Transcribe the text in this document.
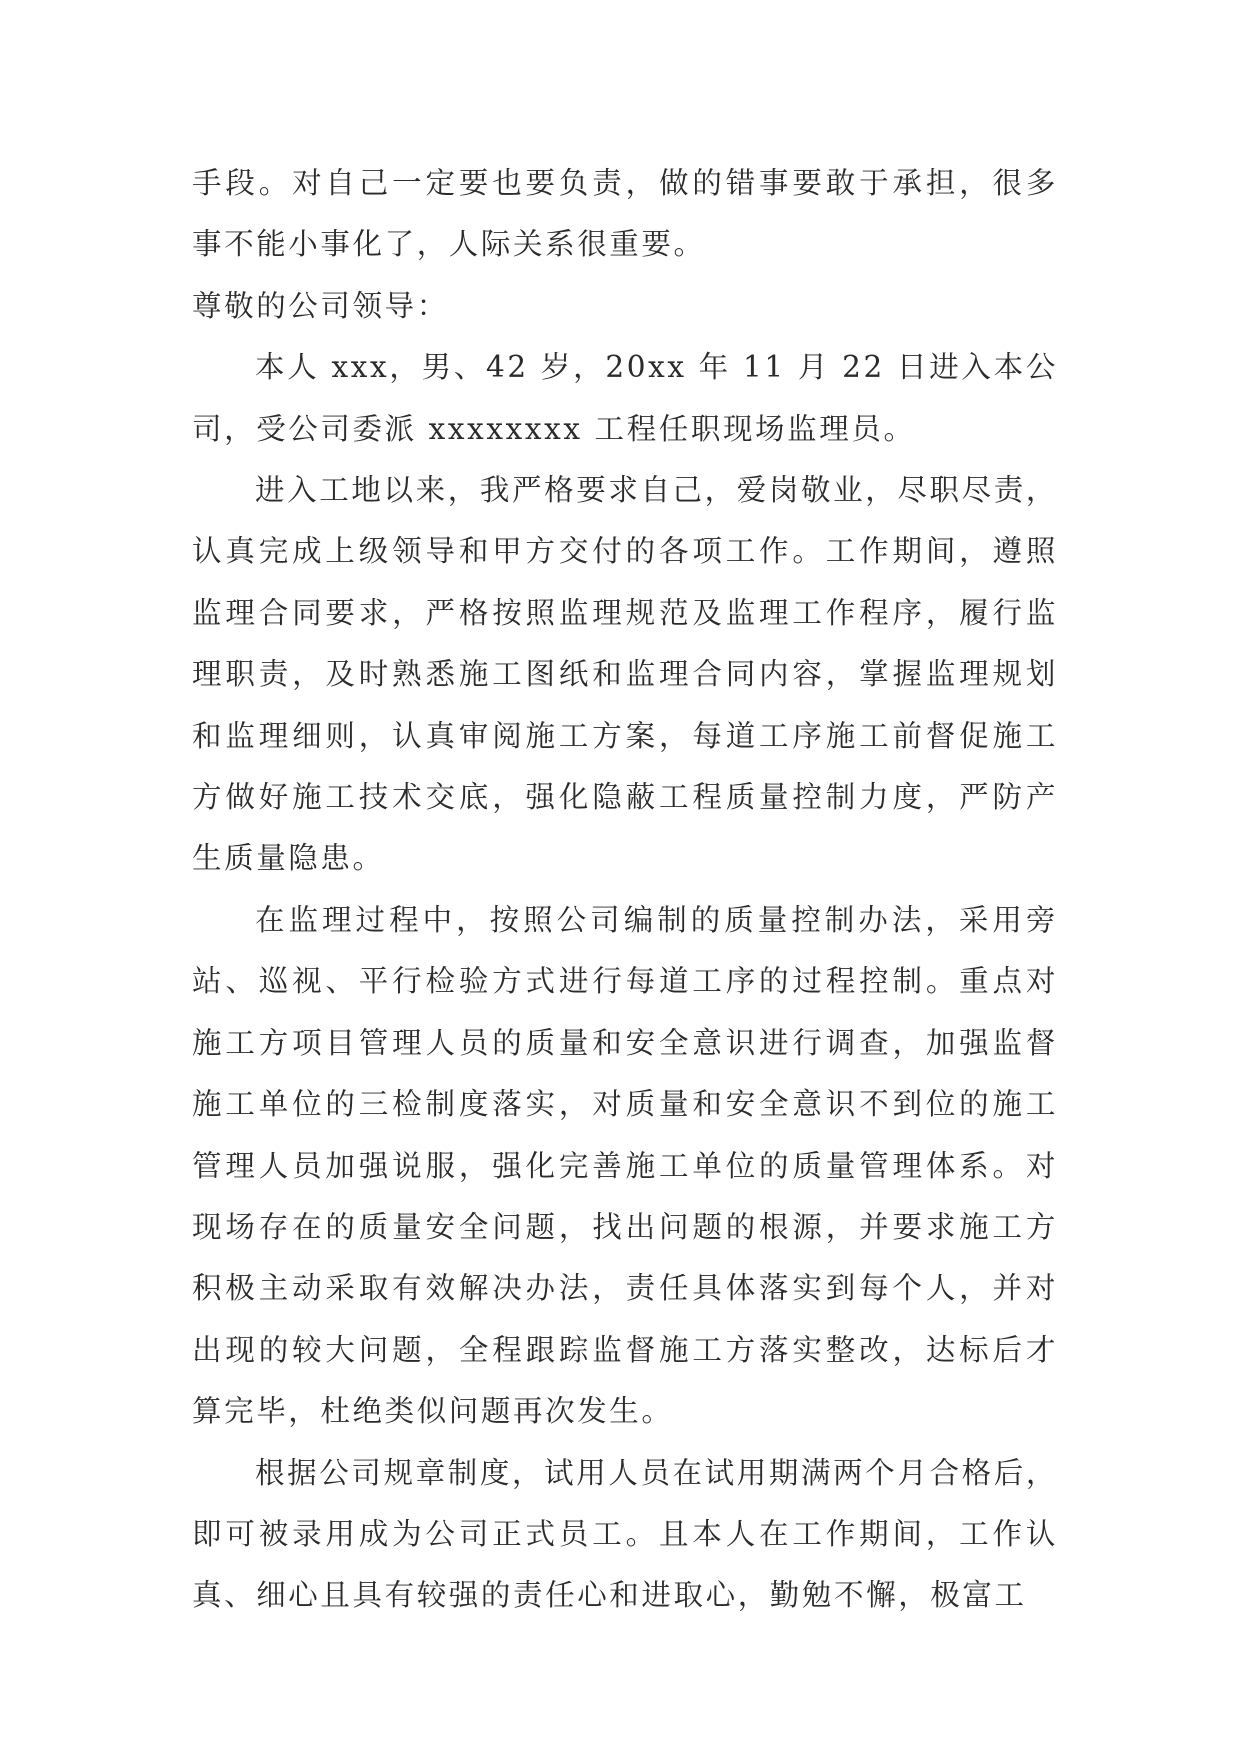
手段。对自己一定要也要负责，做的错事要敢于承担，很多事不能小事化了，人际关系很重要。

尊敬的公司领导：

本人 xxx，男、42 岁，20xx 年 11 月 22 日进入本公司，受公司委派 xxxxxxxx 工程任职现场监理员。

进入工地以来，我严格要求自己，爱岗敬业，尽职尽责，认真完成上级领导和甲方交付的各项工作。工作期间，遵照监理合同要求，严格按照监理规范及监理工作程序，履行监理职责，及时熟悉施工图纸和监理合同内容，掌握监理规划和监理细则，认真审阅施工方案，每道工序施工前督促施工方做好施工技术交底，强化隐蔽工程质量控制力度，严防产生质量隐患。

在监理过程中，按照公司编制的质量控制办法，采用旁站、巡视、平行检验方式进行每道工序的过程控制。重点对施工方项目管理人员的质量和安全意识进行调查，加强监督施工单位的三检制度落实，对质量和安全意识不到位的施工管理人员加强说服，强化完善施工单位的质量管理体系。对现场存在的质量安全问题，找出问题的根源，并要求施工方积极主动采取有效解决办法，责任具体落实到每个人，并对出现的较大问题，全程跟踪监督施工方落实整改，达标后才算完毕，杜绝类似问题再次发生。

根据公司规章制度，试用人员在试用期满两个月合格后，即可被录用成为公司正式员工。且本人在工作期间，工作认真、细心且具有较强的责任心和进取心，勤勉不懈，极富工
